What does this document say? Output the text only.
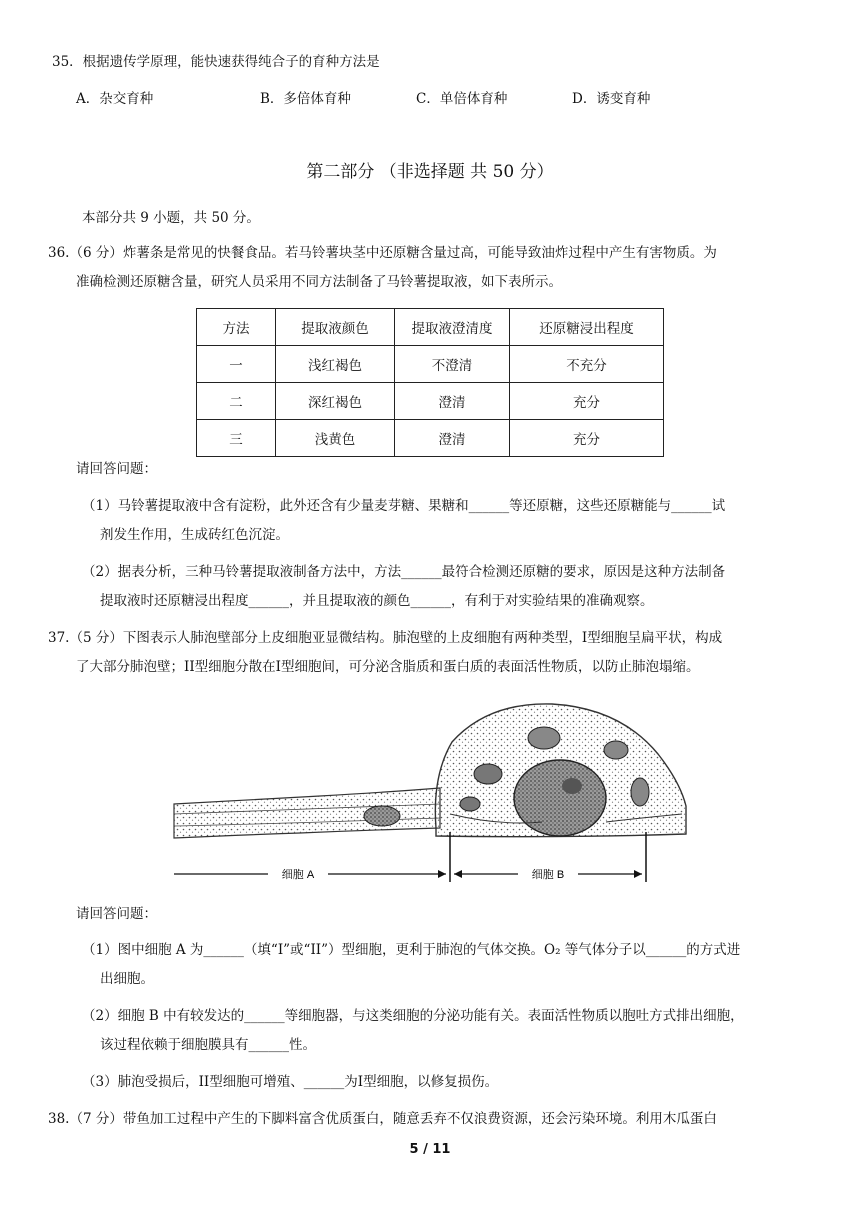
35．根据遗传学原理，能快速获得纯合子的育种方法是
A．杂交育种	B．多倍体育种	C．单倍体育种	D．诱变育种
第二部分 （非选择题 共 50 分）
本部分共 9 小题，共 50 分。
36.（6 分）炸薯条是常见的快餐食品。若马铃薯块茎中还原糖含量过高，可能导致油炸过程中产生有害物质。为
准确检测还原糖含量，研究人员采用不同方法制备了马铃薯提取液，如下表所示。
方法	提取液颜色	提取液澄清度	还原糖浸出程度
一	浅红褐色	不澄清	不充分
二	深红褐色	澄清	充分
三	浅黄色	澄清	充分
请回答问题：
（1）马铃薯提取液中含有淀粉，此外还含有少量麦芽糖、果糖和______等还原糖，这些还原糖能与______试
剂发生作用，生成砖红色沉淀。
（2）据表分析，三种马铃薯提取液制备方法中，方法______最符合检测还原糖的要求，原因是这种方法制备
提取液时还原糖浸出程度______，并且提取液的颜色______，有利于对实验结果的准确观察。
37.（5 分）下图表示人肺泡壁部分上皮细胞亚显微结构。肺泡壁的上皮细胞有两种类型，I型细胞呈扁平状，构成
了大部分肺泡壁；II型细胞分散在I型细胞间，可分泌含脂质和蛋白质的表面活性物质，以防止肺泡塌缩。
细胞 A	细胞 B
请回答问题：
（1）图中细胞 A 为______（填“I”或“II”）型细胞，更利于肺泡的气体交换。O₂ 等气体分子以______的方式进
出细胞。
（2）细胞 B 中有较发达的______等细胞器，与这类细胞的分泌功能有关。表面活性物质以胞吐方式排出细胞，
该过程依赖于细胞膜具有______性。
（3）肺泡受损后，II型细胞可增殖、______为I型细胞，以修复损伤。
38.（7 分）带鱼加工过程中产生的下脚料富含优质蛋白，随意丢弃不仅浪费资源，还会污染环境。利用木瓜蛋白
5 / 11
